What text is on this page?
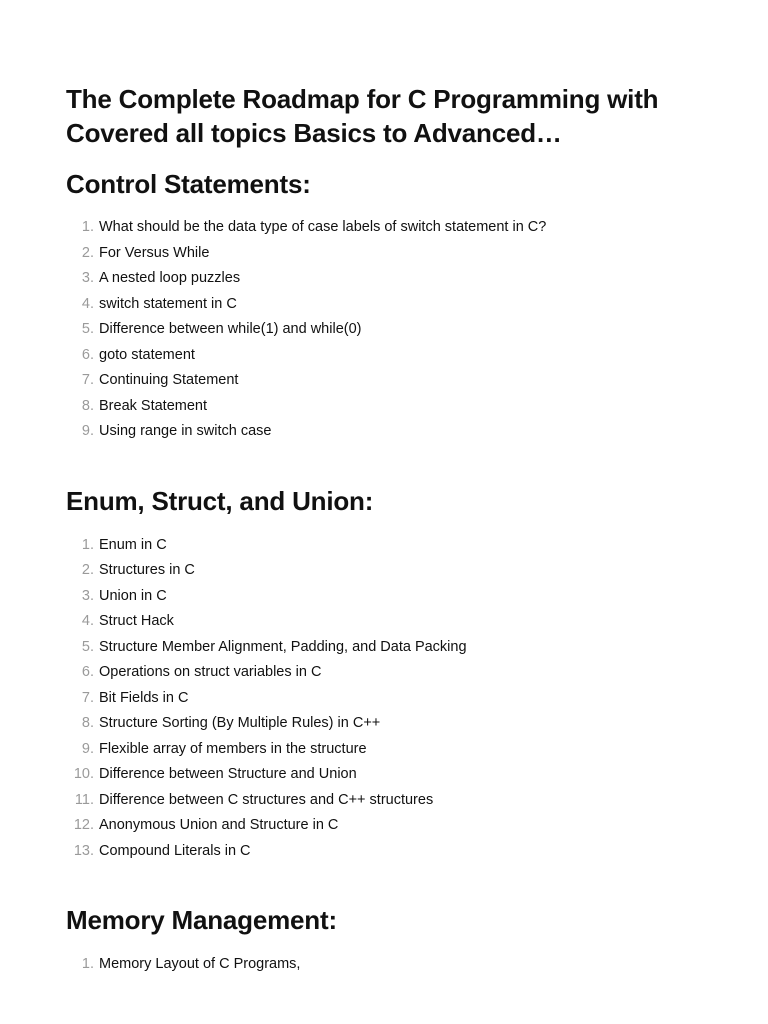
The Complete Roadmap for C Programming with Covered all topics Basics to Advanced…
Control Statements:
1. What should be the data type of case labels of switch statement in C?
2. For Versus While
3. A nested loop puzzles
4. switch statement in C
5. Difference between while(1) and while(0)
6. goto statement
7. Continuing Statement
8. Break Statement
9. Using range in switch case
Enum, Struct, and Union:
1. Enum in C
2. Structures in C
3. Union in C
4. Struct Hack
5. Structure Member Alignment, Padding, and Data Packing
6. Operations on struct variables in C
7. Bit Fields in C
8. Structure Sorting (By Multiple Rules) in C++
9. Flexible array of members in the structure
10. Difference between Structure and Union
11. Difference between C structures and C++ structures
12. Anonymous Union and Structure in C
13. Compound Literals in C
Memory Management:
1. Memory Layout of C Programs,
